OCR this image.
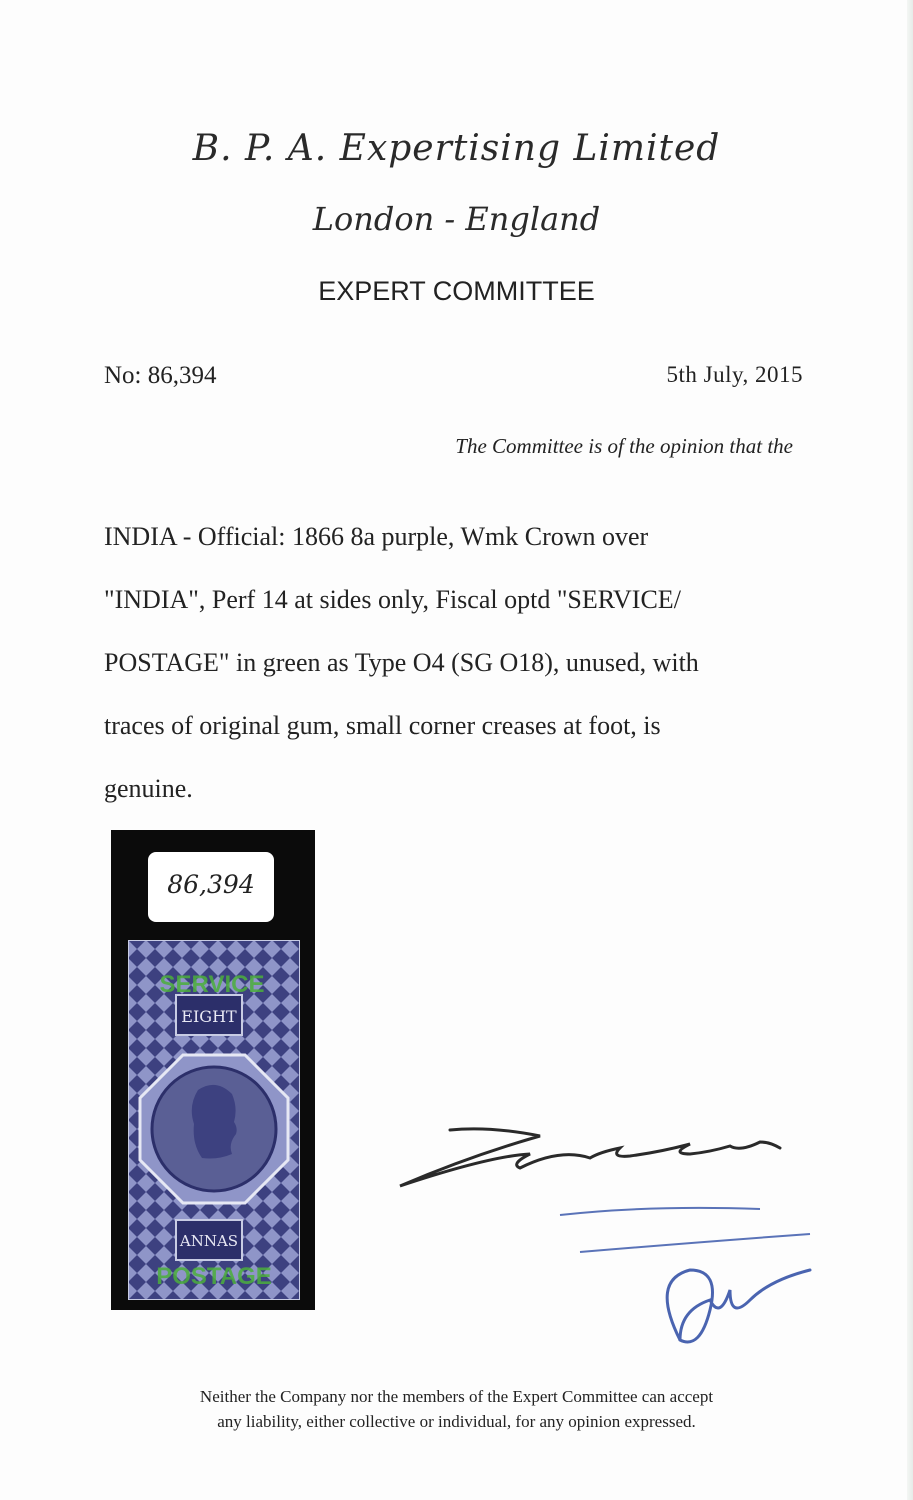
B. P. A. Expertising Limited
London - England
EXPERT COMMITTEE
No: 86,394	5th July, 2015
The Committee is of the opinion that the
INDIA - Official: 1866 8a purple, Wmk Crown over
"INDIA", Perf 14 at sides only, Fiscal optd "SERVICE/
POSTAGE" in green as Type O4 (SG O18), unused, with
traces of original gum, small corner creases at foot, is
genuine.
86,394
EIGHT
ANNAS
SERVICE
POSTAGE
Neither the Company nor the members of the Expert Committee can accept
any liability, either collective or individual, for any opinion expressed.
